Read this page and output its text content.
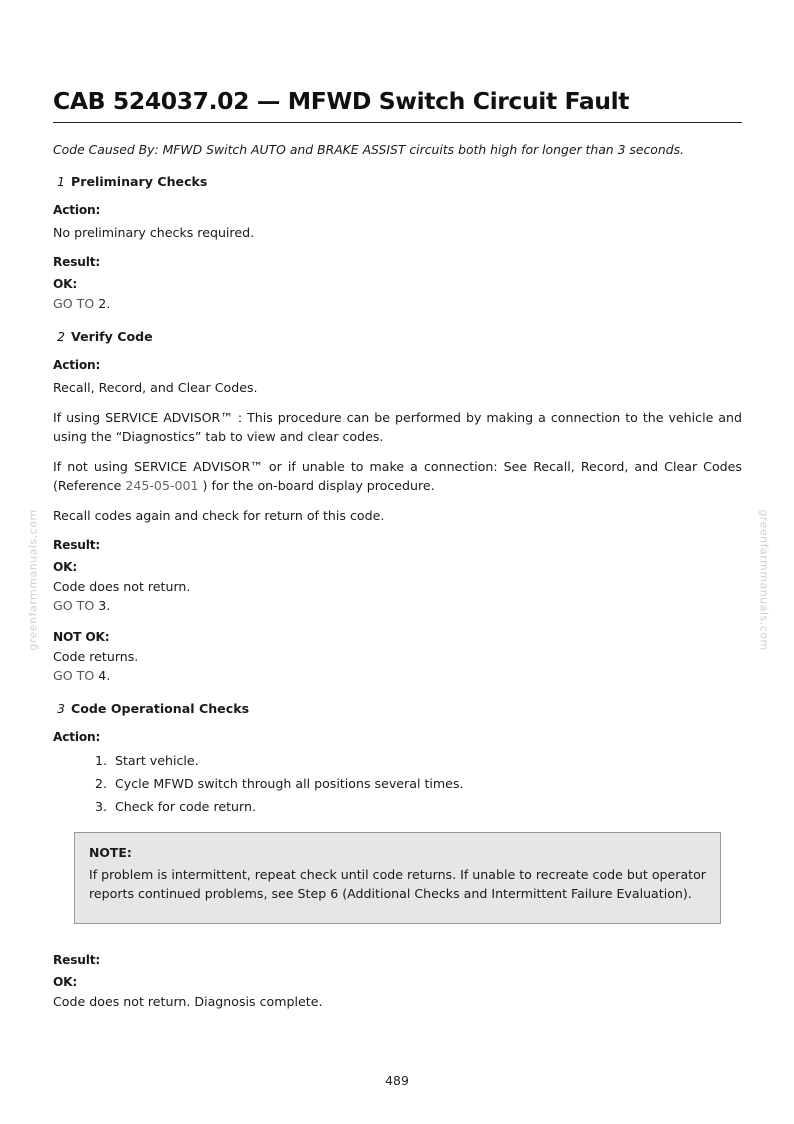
greenfarmmanuals.com	greenfarmmanuals.com
CAB 524037.02 — MFWD Switch Circuit Fault
Code Caused By: MFWD Switch AUTO and BRAKE ASSIST circuits both high for longer than 3 seconds.
1 Preliminary Checks
Action:
No preliminary checks required.
Result:
OK:
GO TO 2.
2 Verify Code
Action:
Recall, Record, and Clear Codes.
If using SERVICE ADVISOR™ : This procedure can be performed by making a connection to the vehicle and using the “Diagnostics” tab to view and clear codes.
If not using SERVICE ADVISOR™ or if unable to make a connection: See Recall, Record, and Clear Codes (Reference 245-05-001 ) for the on-board display procedure.
Recall codes again and check for return of this code.
Result:
OK:
Code does not return.
GO TO 3.
NOT OK:
Code returns.
GO TO 4.
3 Code Operational Checks
Action:
1. Start vehicle.
2. Cycle MFWD switch through all positions several times.
3. Check for code return.
NOTE:
If problem is intermittent, repeat check until code returns. If unable to recreate code but operator reports continued problems, see Step 6 (Additional Checks and Intermittent Failure Evaluation).
Result:
OK:
Code does not return. Diagnosis complete.
489
